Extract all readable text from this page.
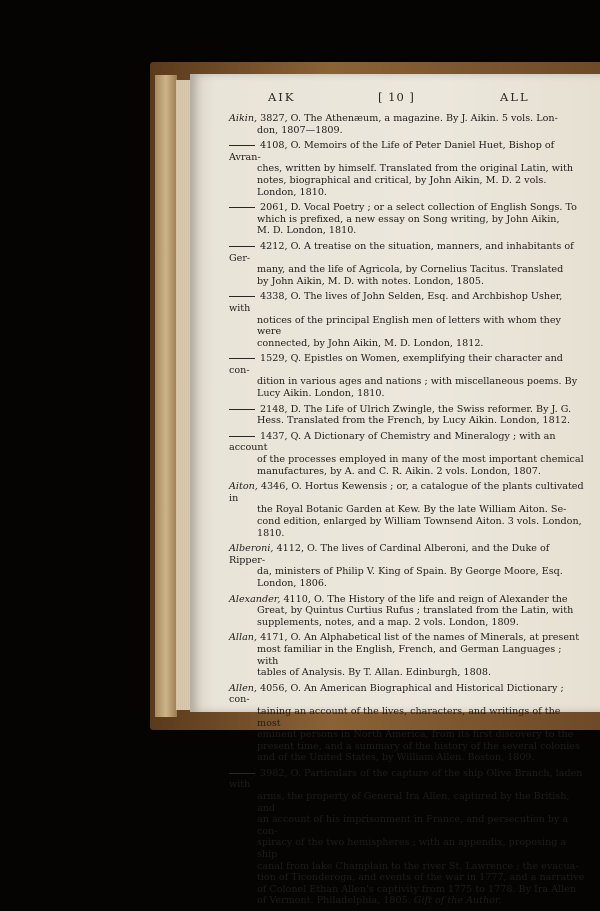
AIK	[ 10 ]	ALL
Aikin, 3827, O. The Athenæum, a magazine. By J. Aikin. 5 vols. Lon-
don, 1807—1809.
4108, O. Memoirs of the Life of Peter Daniel Huet, Bishop of Avran-
ches, written by himself. Translated from the original Latin, with
notes, biographical and critical, by John Aikin, M. D. 2 vols.
London, 1810.
2061, D. Vocal Poetry ; or a select collection of English Songs. To
which is prefixed, a new essay on Song writing, by John Aikin,
M. D. London, 1810.
4212, O. A treatise on the situation, manners, and inhabitants of Ger-
many, and the life of Agricola, by Cornelius Tacitus. Translated
by John Aikin, M. D. with notes. London, 1805.
4338, O. The lives of John Selden, Esq. and Archbishop Usher, with
notices of the principal English men of letters with whom they were
connected, by John Aikin, M. D. London, 1812.
1529, Q. Epistles on Women, exemplifying their character and con-
dition in various ages and nations ; with miscellaneous poems. By
Lucy Aikin. London, 1810.
2148, D. The Life of Ulrich Zwingle, the Swiss reformer. By J. G.
Hess. Translated from the French, by Lucy Aikin. London, 1812.
1437, Q. A Dictionary of Chemistry and Mineralogy ; with an account
of the processes employed in many of the most important chemical
manufactures, by A. and C. R. Aikin. 2 vols. London, 1807.
Aiton, 4346, O. Hortus Kewensis ; or, a catalogue of the plants cultivated in
the Royal Botanic Garden at Kew. By the late William Aiton. Se-
cond edition, enlarged by William Townsend Aiton. 3 vols. London,
1810.
Alberoni, 4112, O. The lives of Cardinal Alberoni, and the Duke of Ripper-
da, ministers of Philip V. King of Spain. By George Moore, Esq.
London, 1806.
Alexander, 4110, O. The History of the life and reign of Alexander the
Great, by Quintus Curtius Rufus ; translated from the Latin, with
supplements, notes, and a map. 2 vols. London, 1809.
Allan, 4171, O. An Alphabetical list of the names of Minerals, at present
most familiar in the English, French, and German Languages ; with
tables of Analysis. By T. Allan. Edinburgh, 1808.
Allen, 4056, O. An American Biographical and Historical Dictionary ; con-
taining an account of the lives, characters, and writings of the most
eminent persons in North America, from its first discovery to the
present time, and a summary of the history of the several colonies
and of the United States, by William Allen. Boston, 1809.
3982, O. Particulars of the capture of the ship Olive Branch, laden with
arms, the property of General Ira Allen, captured by the British, and
an account of his imprisonment in France, and persecution by a con-
spiracy of the two hemispheres ; with an appendix, proposing a ship
canal from lake Champlain to the river St. Lawrence ; the evacua-
tion of Ticonderoga, and events of the war in 1777, and a narrative
of Colonel Ethan Allen's captivity from 1775 to 1778. By Ira Allen
of Vermont. Philadelphia, 1805. Gift of the Author.
